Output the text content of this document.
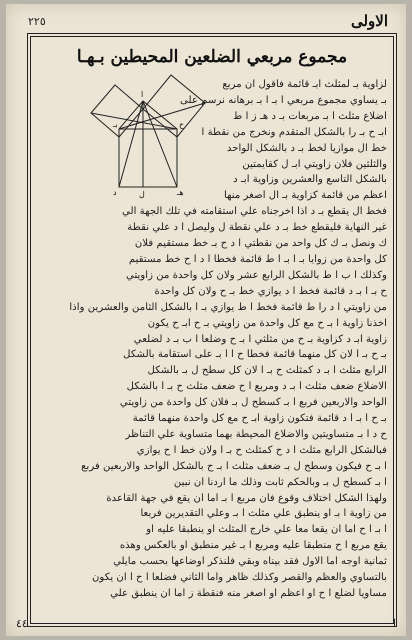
٢٢٥	الاولى
مجموع مربعي الضلعين المحيطين بـهـا
ا
بـ	ح
د	هـ
ل
لزاوية بـ لمثلث ابـ قائمة فاقول ان مربع
بـ يساوي مجموع مربعي ا بـ ا بـ برهانه نرسم على
اضلاع مثلث ا بـ مربعات بـ د هـ ز ا ط
ابـ ح بـ را بالشكل المتقدم ونخرج من نقطة ا
خط ال موازيا لخط بـ د بالشكل الواحد
والثلثين فلان زاويتي ابـ ل كقايمتين
بالشكل التاسع والعشرين وزاوية ابـ د
اعظم من قائمة كزاوية بـ ال اصغر منها
فخط ال يقطع بـ د اذا اخرجناه علي استقامته في تلك الجهة الي
غير النهاية فليقطع خط بـ د علي نقطة ل وليصل ا د علي نقطة
ك ونصل بـ ك كل واحد من نقطتي ا د ح بـ خط مستقيم فلان
كل واحدة من زوايا بـ ا بـ ا ط قائمة فخطا ا د ا ح خط مستقيم
وكذلك ا ب ا ط بالشكل الرابع عشر ولان كل واحدة من زاويتي
ح بـ ا بـ د قائمة فخط ا د يوازي خط بـ ح ولان كل واحدة
من زاويتي ا د را ط قائمة فخط ا ط يوازي بـ ا بالشكل الثامن والعشرين واذا
اخذنا زاوية ا بـ ح مع كل واحدة من زاويتي بـ ح ابـ ح يكون
زاوية ابـ د كزاوية بـ ح من مثلثي ا بـ ح وضلعا ا ب بـ د لضلعي
بـ ح بـ ا لان كل منهما قائمة فخطا ح ا ا بـ على استقامة بالشكل
الرابع مثلث ا بـ د كمثلث ح بـ ا لان كل سطح ل بـ بالشكل
الاضلاع ضعف مثلث ا بـ د ومربع ا ح ضعف مثلث ح بـ ا بالشكل
الواحد والاربعين فربع ا بـ كسطح ل بـ فلان كل واحدة من زاويتي
بـ ح ا بـ ا د قائمة فتكون زاوية ابـ ح مع كل واحدة منهما قائمة
ح د ا بـ متساويتين والاضلاع المحيطة بهما متساوية علي التناظر
فبالشكل الرابع مثلث ا د ح كمثلث ح بـ ا ولان خط ا ح يوازي
ا بـ ح فيكون وسطح ل بـ ضعف مثلث ا بـ ح بالشكل الواحد والاربعين فربع
ا بـ كسطح ل بـ وبالحكم ثابت وذلك ما اردنا ان نبين
ولهذا الشكل اختلاف وقوع فان مربع ا بـ اما ان يقع في جهة القاعدة
من زاوية ا بـ او ينطبق علي مثلث ا بـ وعلي التقديرين فربعا
ا بـ ا ح اما ان يقعا معا علي خارج المثلث او ينطبقا عليه او
يقع مربع ا ح منطبقا عليه ومربع ا بـ غير منطبق او بالعكس وهذه
ثمانية اوجه اما الاول فقد بيناه وبقي فلنذكر اوضاعها بحسب مايلي
بالتساوي والعظم والقصر وكذلك ظاهر واما الثاني فضلعا ا ح ا ان يكون
مساويا لضلع ا ح او اعظم او اصغر منه فنقطة ز اما ان ينطبق علي
٤٤	ا
